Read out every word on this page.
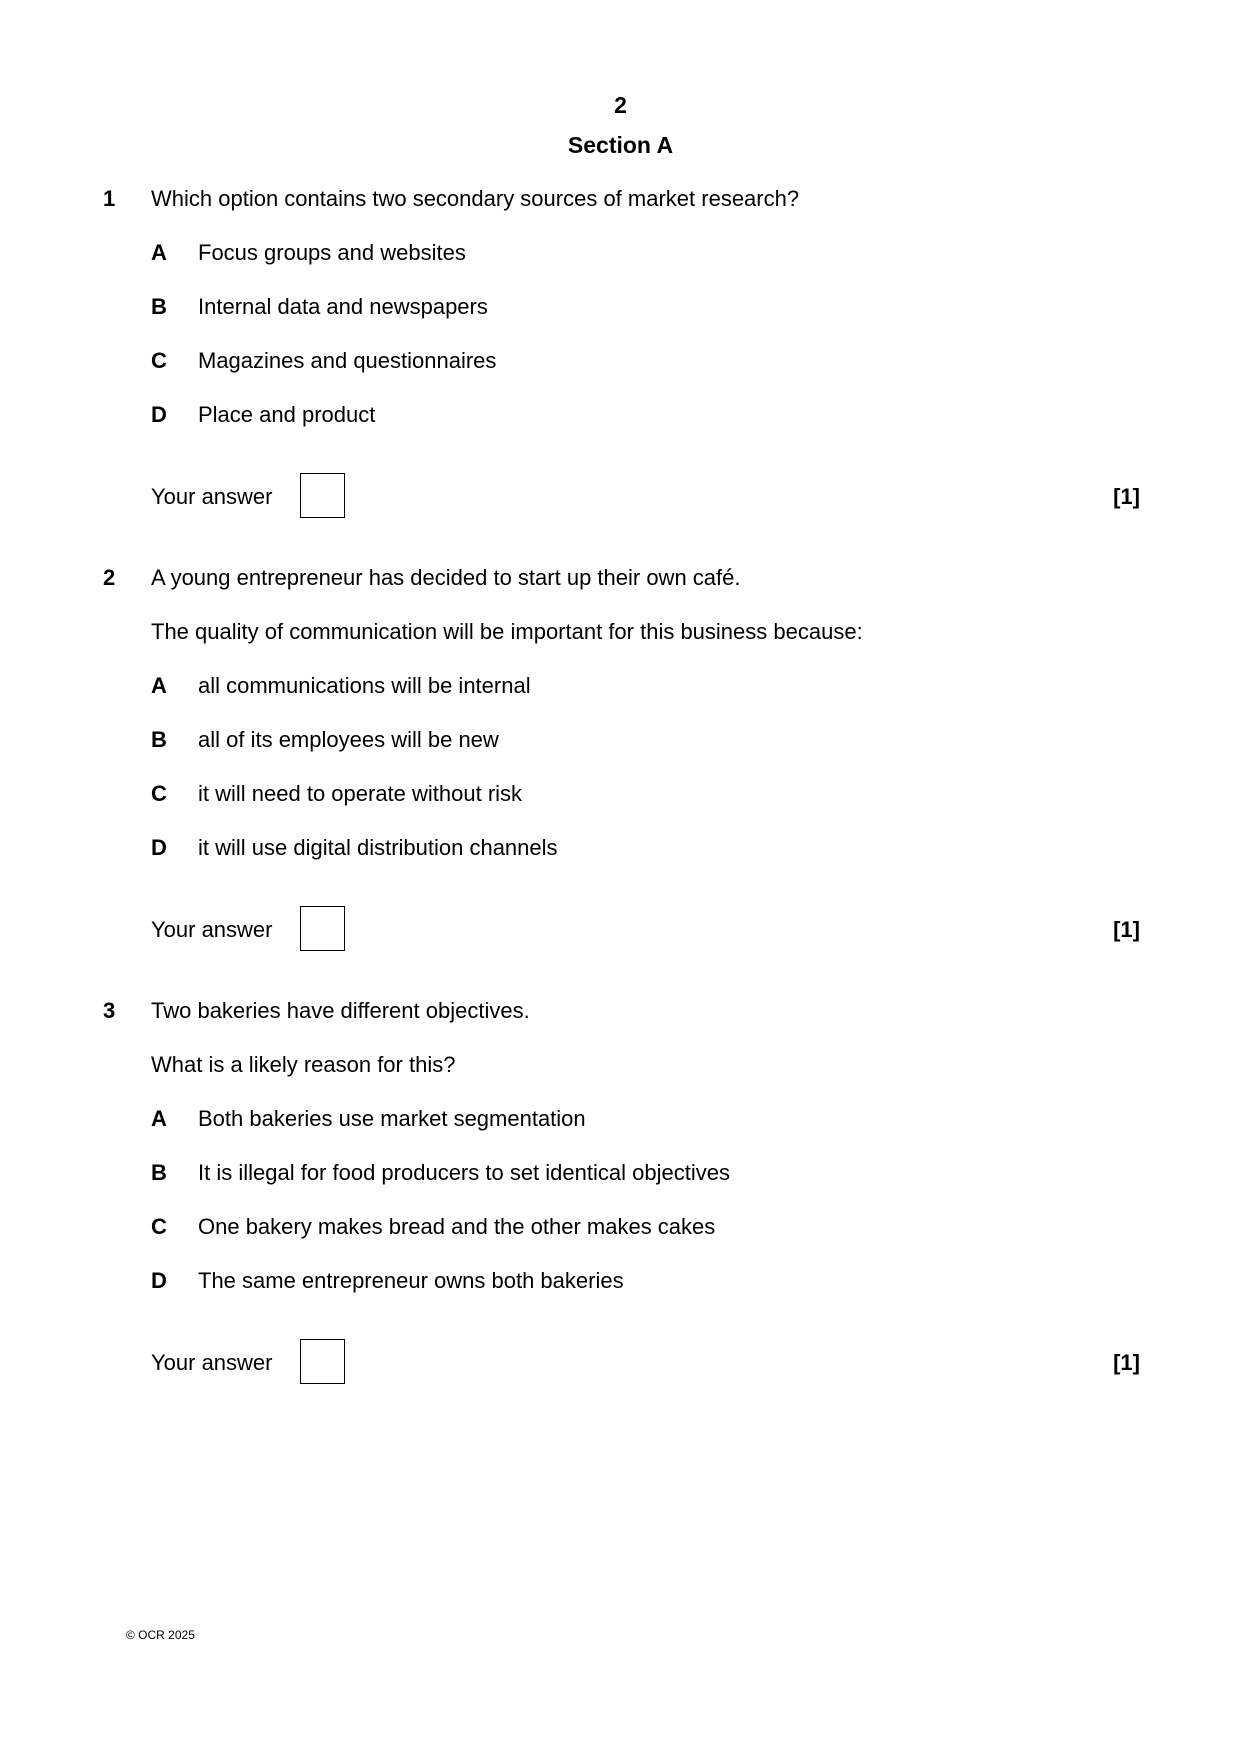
2
Section A
1 Which option contains two secondary sources of market research?
A Focus groups and websites
B Internal data and newspapers
C Magazines and questionnaires
D Place and product
Your answer	[1]
2 A young entrepreneur has decided to start up their own café.
The quality of communication will be important for this business because:
A all communications will be internal
B all of its employees will be new
C it will need to operate without risk
D it will use digital distribution channels
Your answer	[1]
3 Two bakeries have different objectives.
What is a likely reason for this?
A Both bakeries use market segmentation
B It is illegal for food producers to set identical objectives
C One bakery makes bread and the other makes cakes
D The same entrepreneur owns both bakeries
Your answer	[1]
© OCR 2025
